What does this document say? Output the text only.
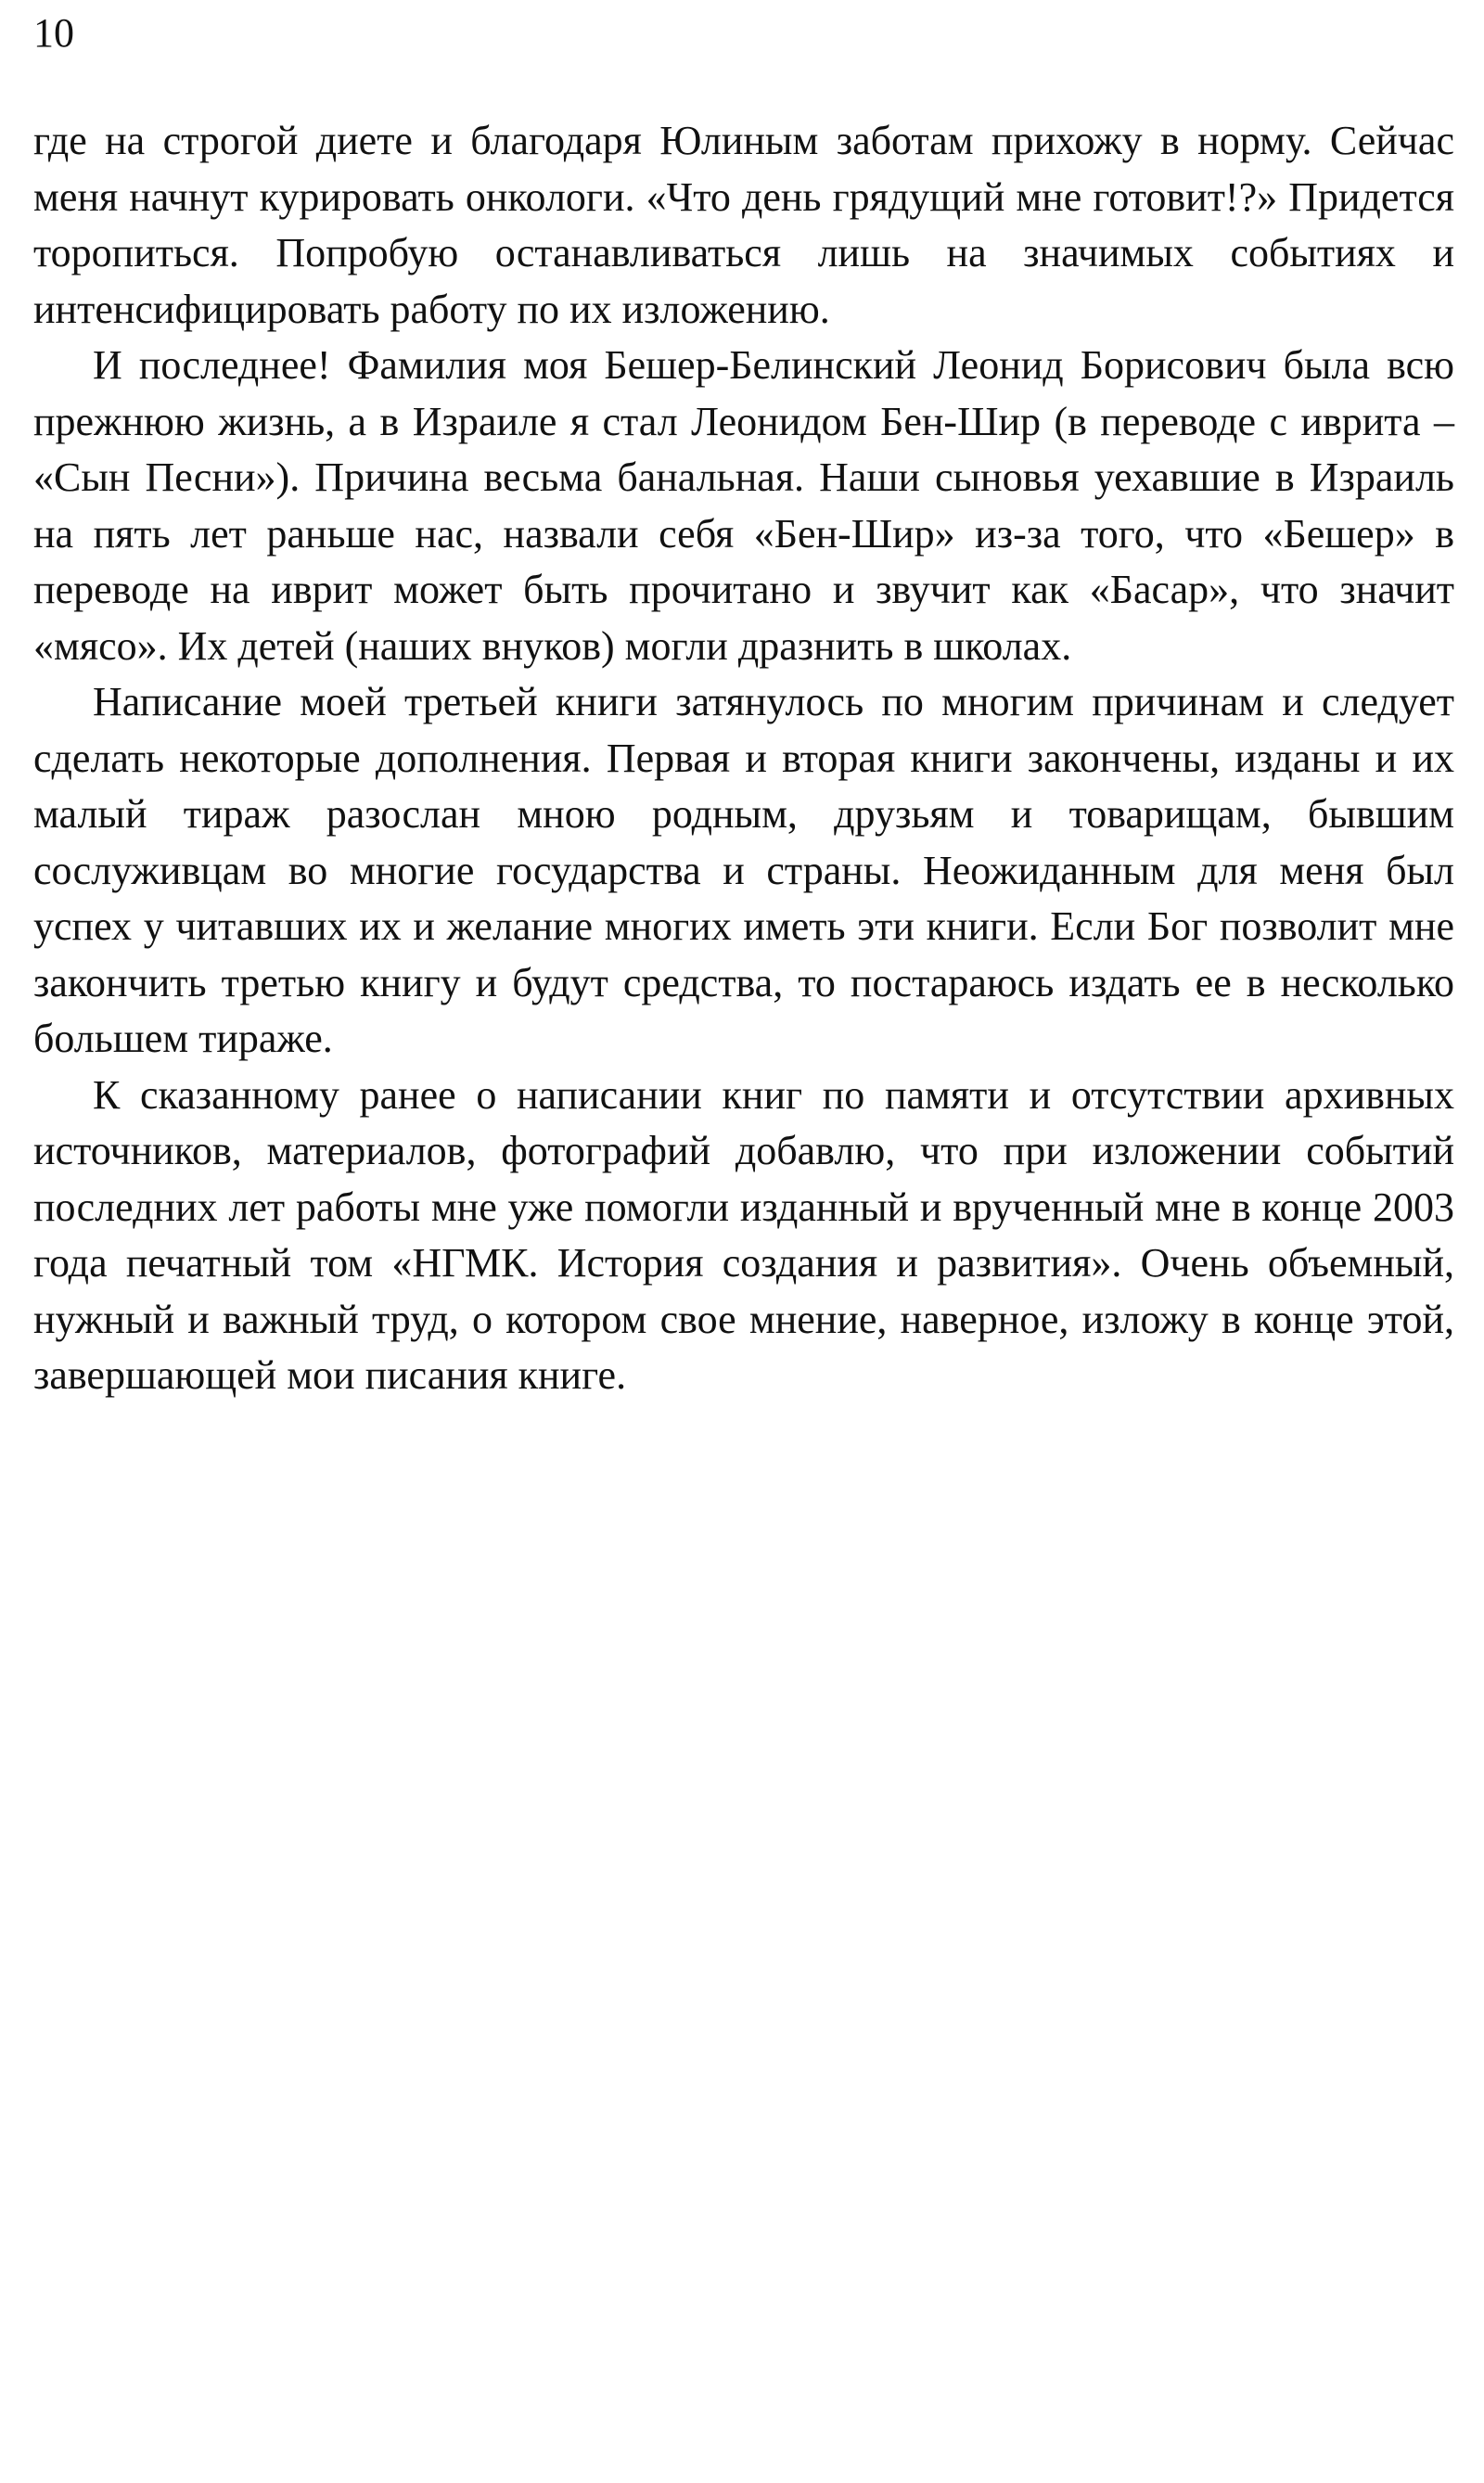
10

где на строгой диете и благодаря Юлиным заботам прихожу в норму. Сейчас меня начнут курировать онкологи. «Что день грядущий мне готовит!?» Придется торопиться. Попробую останавливаться лишь на значимых событиях и интенсифицировать работу по их изложению.

И последнее! Фамилия моя Бешер-Белинский Леонид Борисович была всю прежнюю жизнь, а в Израиле я стал Леонидом Бен-Шир (в переводе с иврита – «Сын Песни»). Причина весьма банальная. Наши сыновья уехавшие в Израиль на пять лет раньше нас, назвали себя «Бен-Шир» из-за того, что «Бешер» в переводе на иврит может быть прочитано и звучит как «Басар», что значит «мясо». Их детей (наших внуков) могли дразнить в школах.

Написание моей третьей книги затянулось по многим причинам и следует сделать некоторые дополнения. Первая и вторая книги закончены, изданы и их малый тираж разослан мною родным, друзьям и товарищам, бывшим сослуживцам во многие государства и страны. Неожиданным для меня был успех у читавших их и желание многих иметь эти книги. Если Бог позволит мне закончить третью книгу и будут средства, то постараюсь издать ее в несколько большем тираже.

К сказанному ранее о написании книг по памяти и отсутствии архивных источников, материалов, фотографий добавлю, что при изложении событий последних лет работы мне уже помогли изданный и врученный мне в конце 2003 года печатный том «НГМК. История создания и развития». Очень объемный, нужный и важный труд, о котором свое мнение, наверное, изложу в конце этой, завершающей мои писания книге.
